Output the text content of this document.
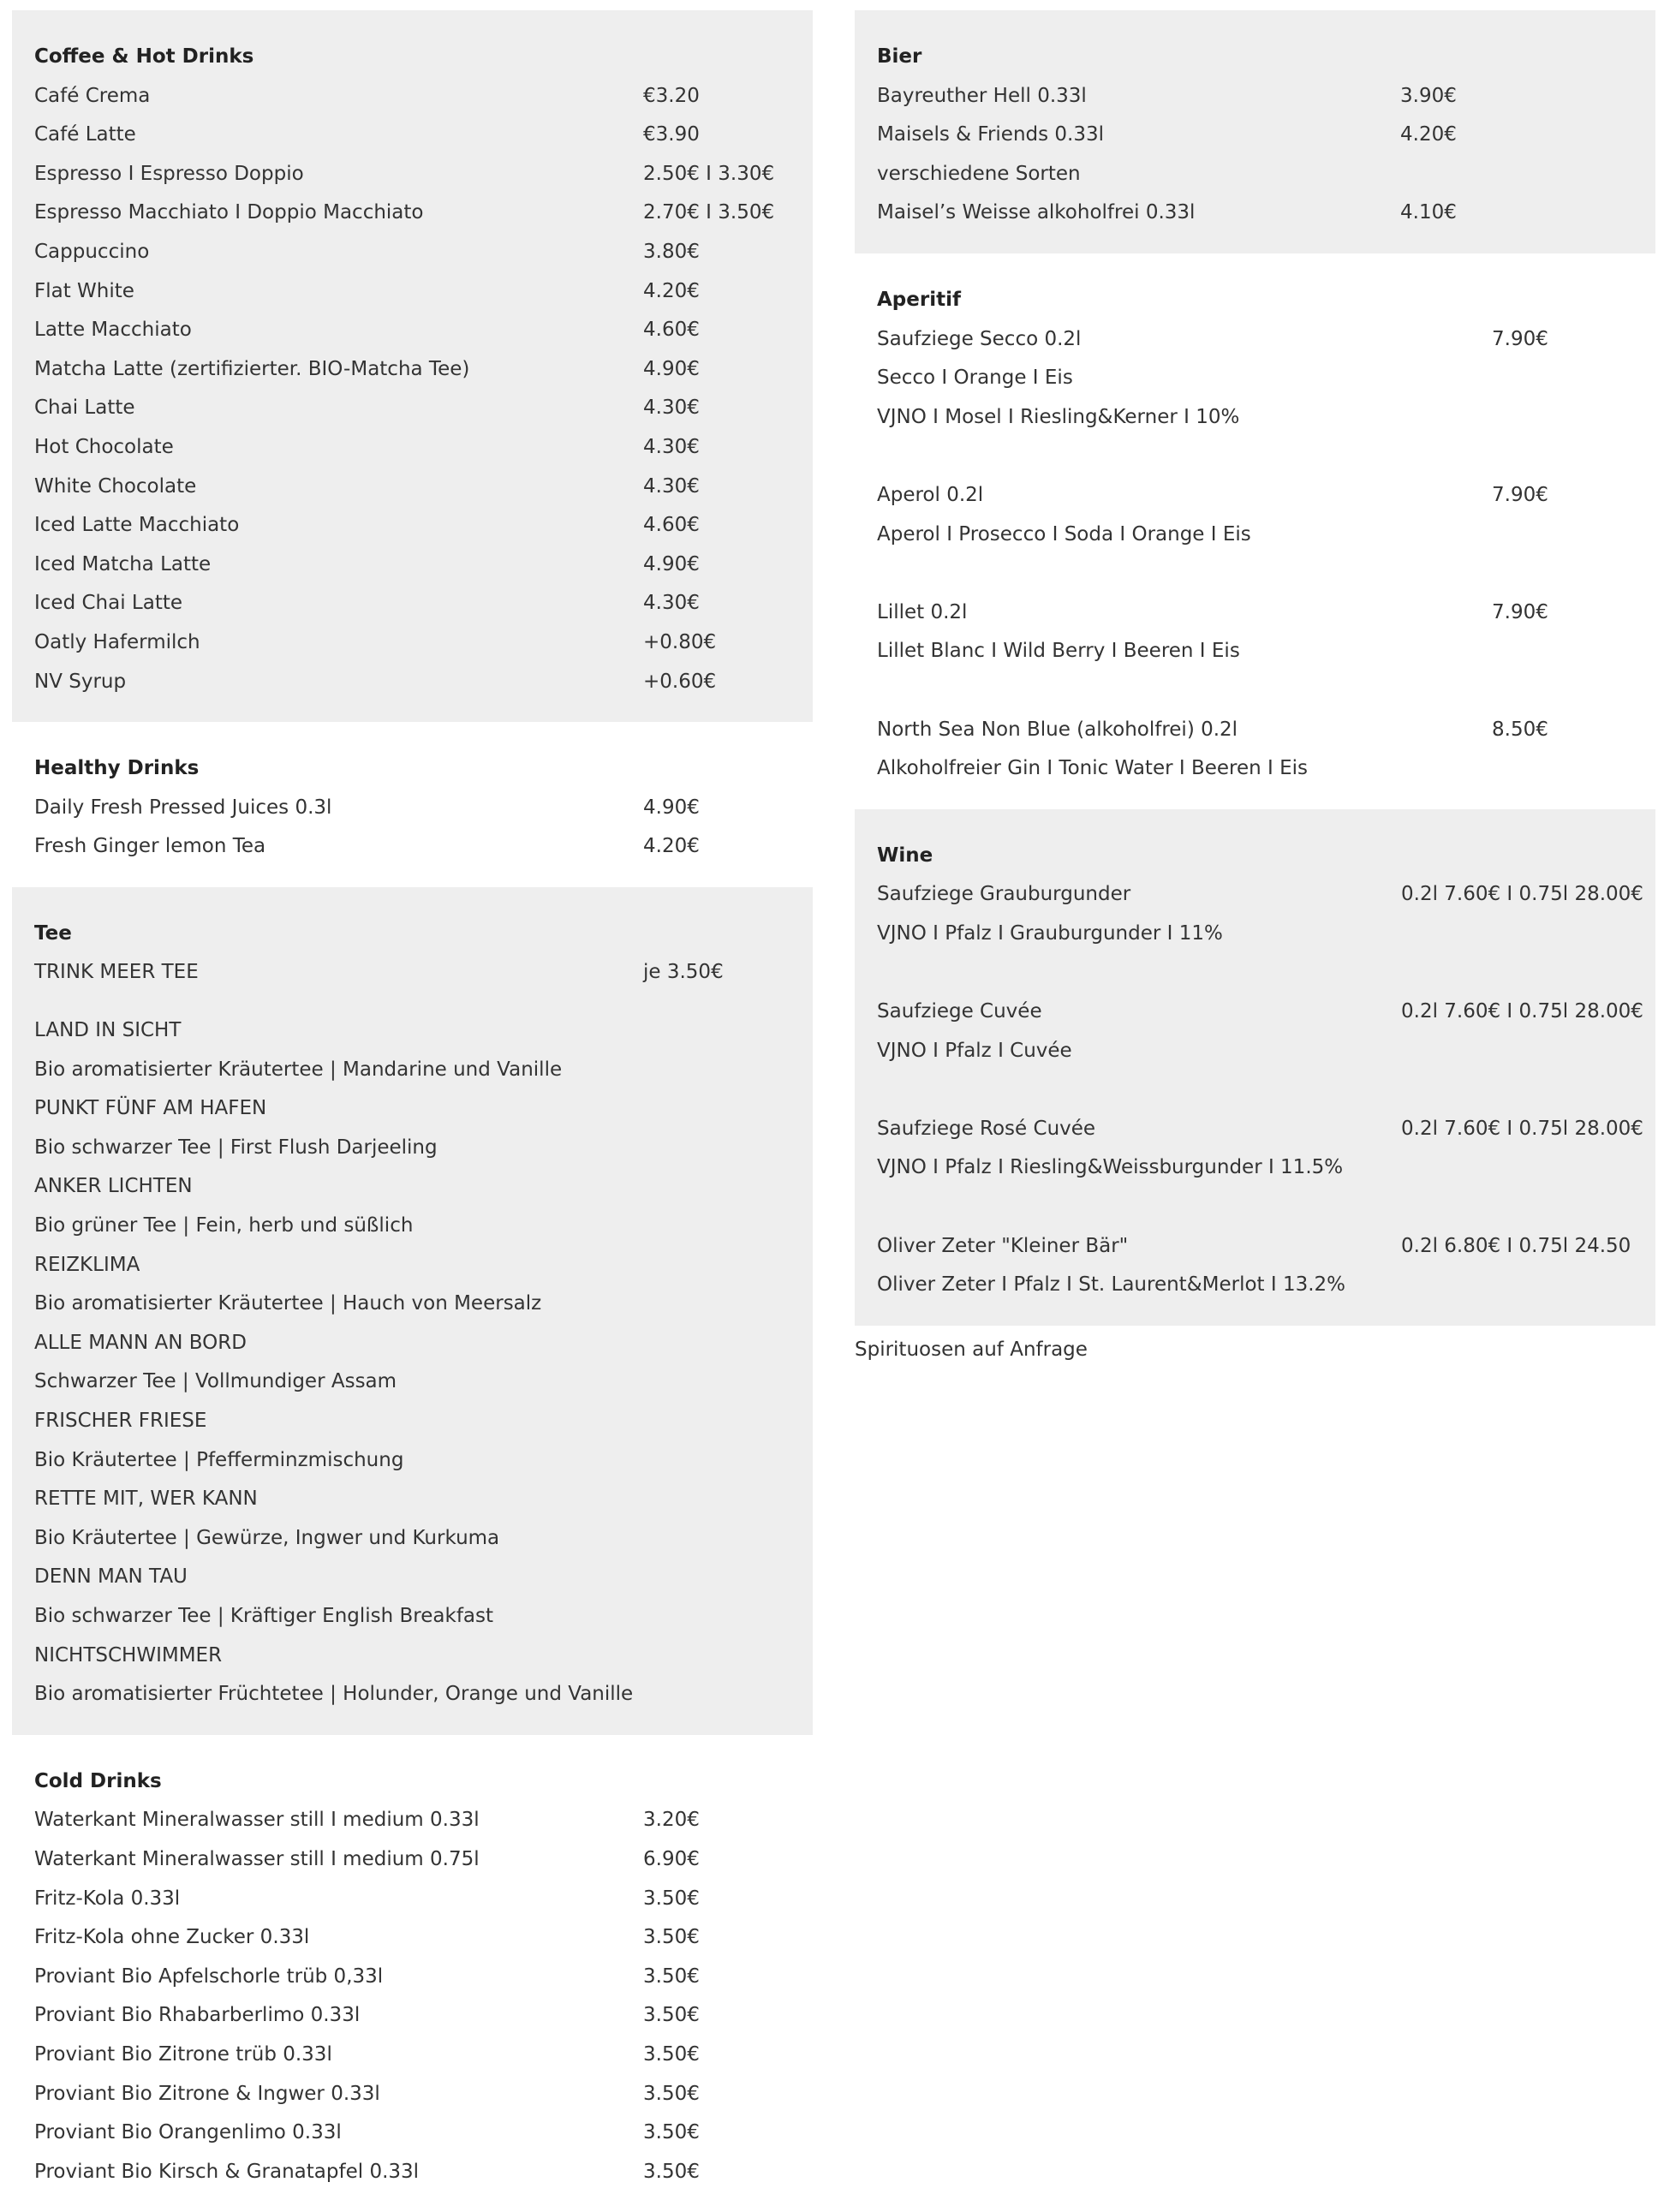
Coffee & Hot Drinks
Café Crema	€3.20
Café Latte	€3.90
Espresso I Espresso Doppio	2.50€ I 3.30€
Espresso Macchiato I Doppio Macchiato	2.70€ I 3.50€
Cappuccino	3.80€
Flat White	4.20€
Latte Macchiato	4.60€
Matcha Latte (zertifizierter. BIO-Matcha Tee)	4.90€
Chai Latte	4.30€
Hot Chocolate	4.30€
White Chocolate	4.30€
Iced Latte Macchiato	4.60€
Iced Matcha Latte	4.90€
Iced Chai Latte	4.30€
Oatly Hafermilch	+0.80€
NV Syrup	+0.60€
Healthy Drinks
Daily Fresh Pressed Juices 0.3l	4.90€
Fresh Ginger lemon Tea	4.20€
Tee
TRINK MEER TEE	je 3.50€
LAND IN SICHT
Bio aromatisierter Kräutertee | Mandarine und Vanille
PUNKT FÜNF AM HAFEN
Bio schwarzer Tee | First Flush Darjeeling
ANKER LICHTEN
Bio grüner Tee | Fein, herb und süßlich
REIZKLIMA
Bio aromatisierter Kräutertee | Hauch von Meersalz
ALLE MANN AN BORD
Schwarzer Tee | Vollmundiger Assam
FRISCHER FRIESE
Bio Kräutertee | Pfefferminzmischung
RETTE MIT, WER KANN
Bio Kräutertee | Gewürze, Ingwer und Kurkuma
DENN MAN TAU
Bio schwarzer Tee | Kräftiger English Breakfast
NICHTSCHWIMMER
Bio aromatisierter Früchtetee | Holunder, Orange und Vanille
Cold Drinks
Waterkant Mineralwasser still I medium 0.33l	3.20€
Waterkant Mineralwasser still I medium 0.75l	6.90€
Fritz-Kola 0.33l	3.50€
Fritz-Kola ohne Zucker 0.33l	3.50€
Proviant Bio Apfelschorle trüb 0,33l	3.50€
Proviant Bio Rhabarberlimo 0.33l	3.50€
Proviant Bio Zitrone trüb 0.33l	3.50€
Proviant Bio Zitrone & Ingwer 0.33l	3.50€
Proviant Bio Orangenlimo 0.33l	3.50€
Proviant Bio Kirsch & Granatapfel 0.33l	3.50€
Bier
Bayreuther Hell 0.33l	3.90€
Maisels & Friends 0.33l	4.20€
verschiedene Sorten
Maisel’s Weisse alkoholfrei 0.33l	4.10€
Aperitif
Saufziege Secco 0.2l	7.90€
Secco I Orange I Eis
VJNO I Mosel I Riesling&Kerner I 10%
Aperol 0.2l	7.90€
Aperol I Prosecco I Soda I Orange I Eis
Lillet 0.2l	7.90€
Lillet Blanc I Wild Berry I Beeren I Eis
North Sea Non Blue (alkoholfrei) 0.2l	8.50€
Alkoholfreier Gin I Tonic Water I Beeren I Eis
Wine
Saufziege Grauburgunder	0.2l 7.60€ I 0.75l 28.00€
VJNO I Pfalz I Grauburgunder I 11%
Saufziege Cuvée	0.2l 7.60€ I 0.75l 28.00€
VJNO I Pfalz I Cuvée
Saufziege Rosé Cuvée	0.2l 7.60€ I 0.75l 28.00€
VJNO I Pfalz I Riesling&Weissburgunder I 11.5%
Oliver Zeter "Kleiner Bär"	0.2l 6.80€ I 0.75l 24.50
Oliver Zeter I Pfalz I St. Laurent&Merlot I 13.2%
Spirituosen auf Anfrage
